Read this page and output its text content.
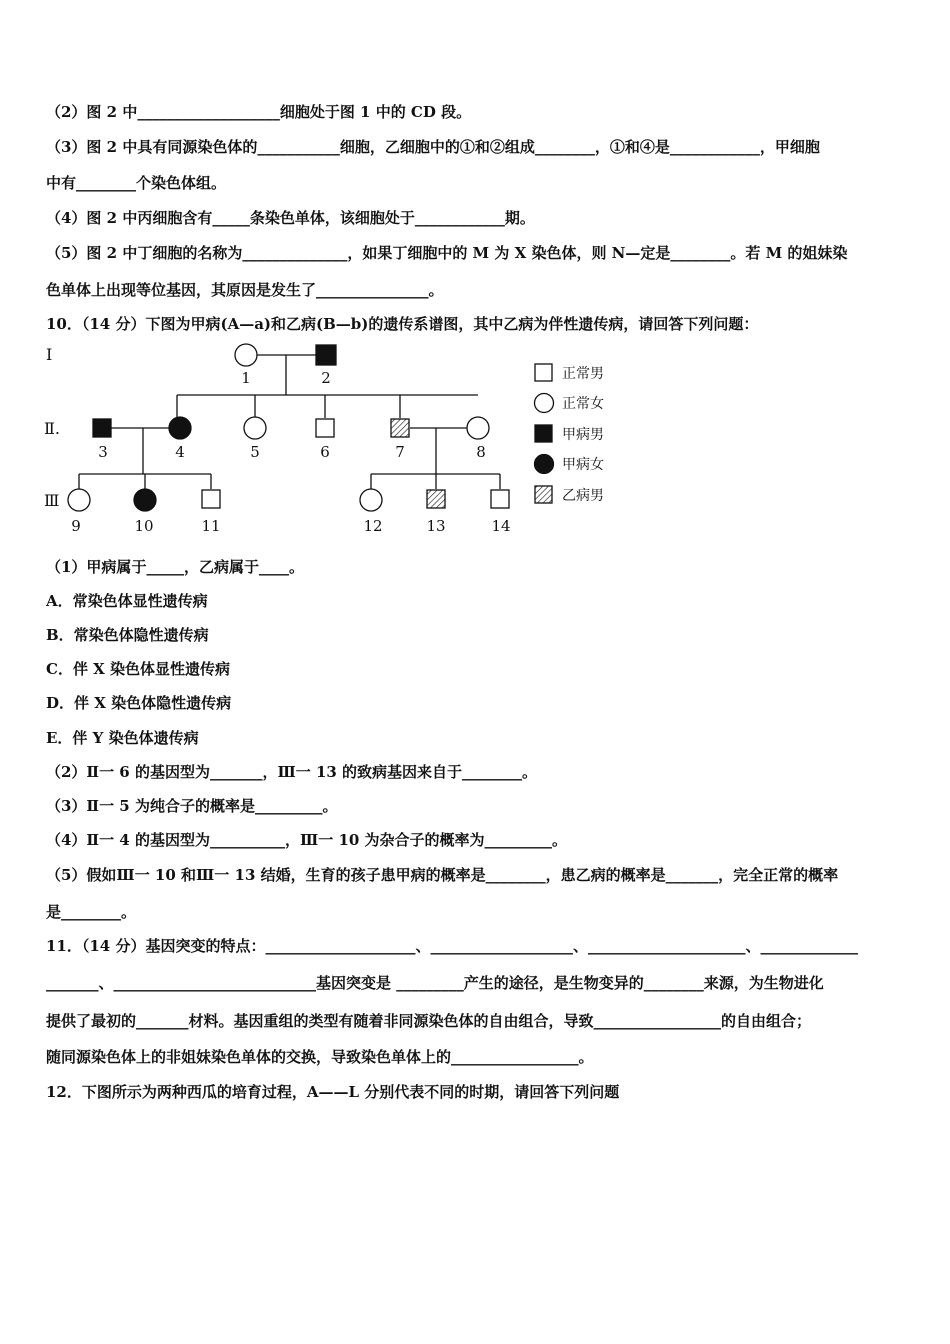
（2）图 2 中___________________细胞处于图 1 中的 CD 段。
（3）图 2 中具有同源染色体的___________细胞，乙细胞中的①和②组成________，①和④是____________，甲细胞
中有________个染色体组。
（4）图 2 中丙细胞含有_____条染色单体，该细胞处于____________期。
（5）图 2 中丁细胞的名称为______________，如果丁细胞中的 M 为 X 染色体，则 N—定是________。若 M 的姐妹染
色单体上出现等位基因，其原因是发生了_______________。
10．（14 分）下图为甲病(A—a)和乙病(B—b)的遗传系谱图，其中乙病为伴性遗传病，请回答下列问题：
Ⅰ
Ⅱ.
Ⅲ
1	2
3	4	5	6	7	8
9	10	11	12	13	14
正常男
正常女
甲病男
甲病女
乙病男
（1）甲病属于_____，乙病属于____。
A．常染色体显性遗传病
B．常染色体隐性遗传病
C．伴 X 染色体显性遗传病
D．伴 X 染色体隐性遗传病
E．伴 Y 染色体遗传病
（2）Ⅱ一 6 的基因型为_______，Ⅲ一 13 的致病基因来自于________。
（3）Ⅱ一 5 为纯合子的概率是_________。
（4）Ⅱ一 4 的基因型为__________，Ⅲ一 10 为杂合子的概率为_________。
（5）假如Ⅲ一 10 和Ⅲ一 13 结婚，生育的孩子患甲病的概率是________，患乙病的概率是_______，完全正常的概率
是________。
11．（14 分）基因突变的特点：____________________、___________________、_____________________、_____________
_______、___________________________基因突变是 _________产生的途径，是生物变异的________来源，为生物进化
提供了最初的_______材料。基因重组的类型有随着非同源染色体的自由组合，导致_________________的自由组合；
随同源染色体上的非姐妹染色单体的交换，导致染色单体上的_________________。
12．下图所示为两种西瓜的培育过程，A——L 分别代表不同的时期，请回答下列问题
